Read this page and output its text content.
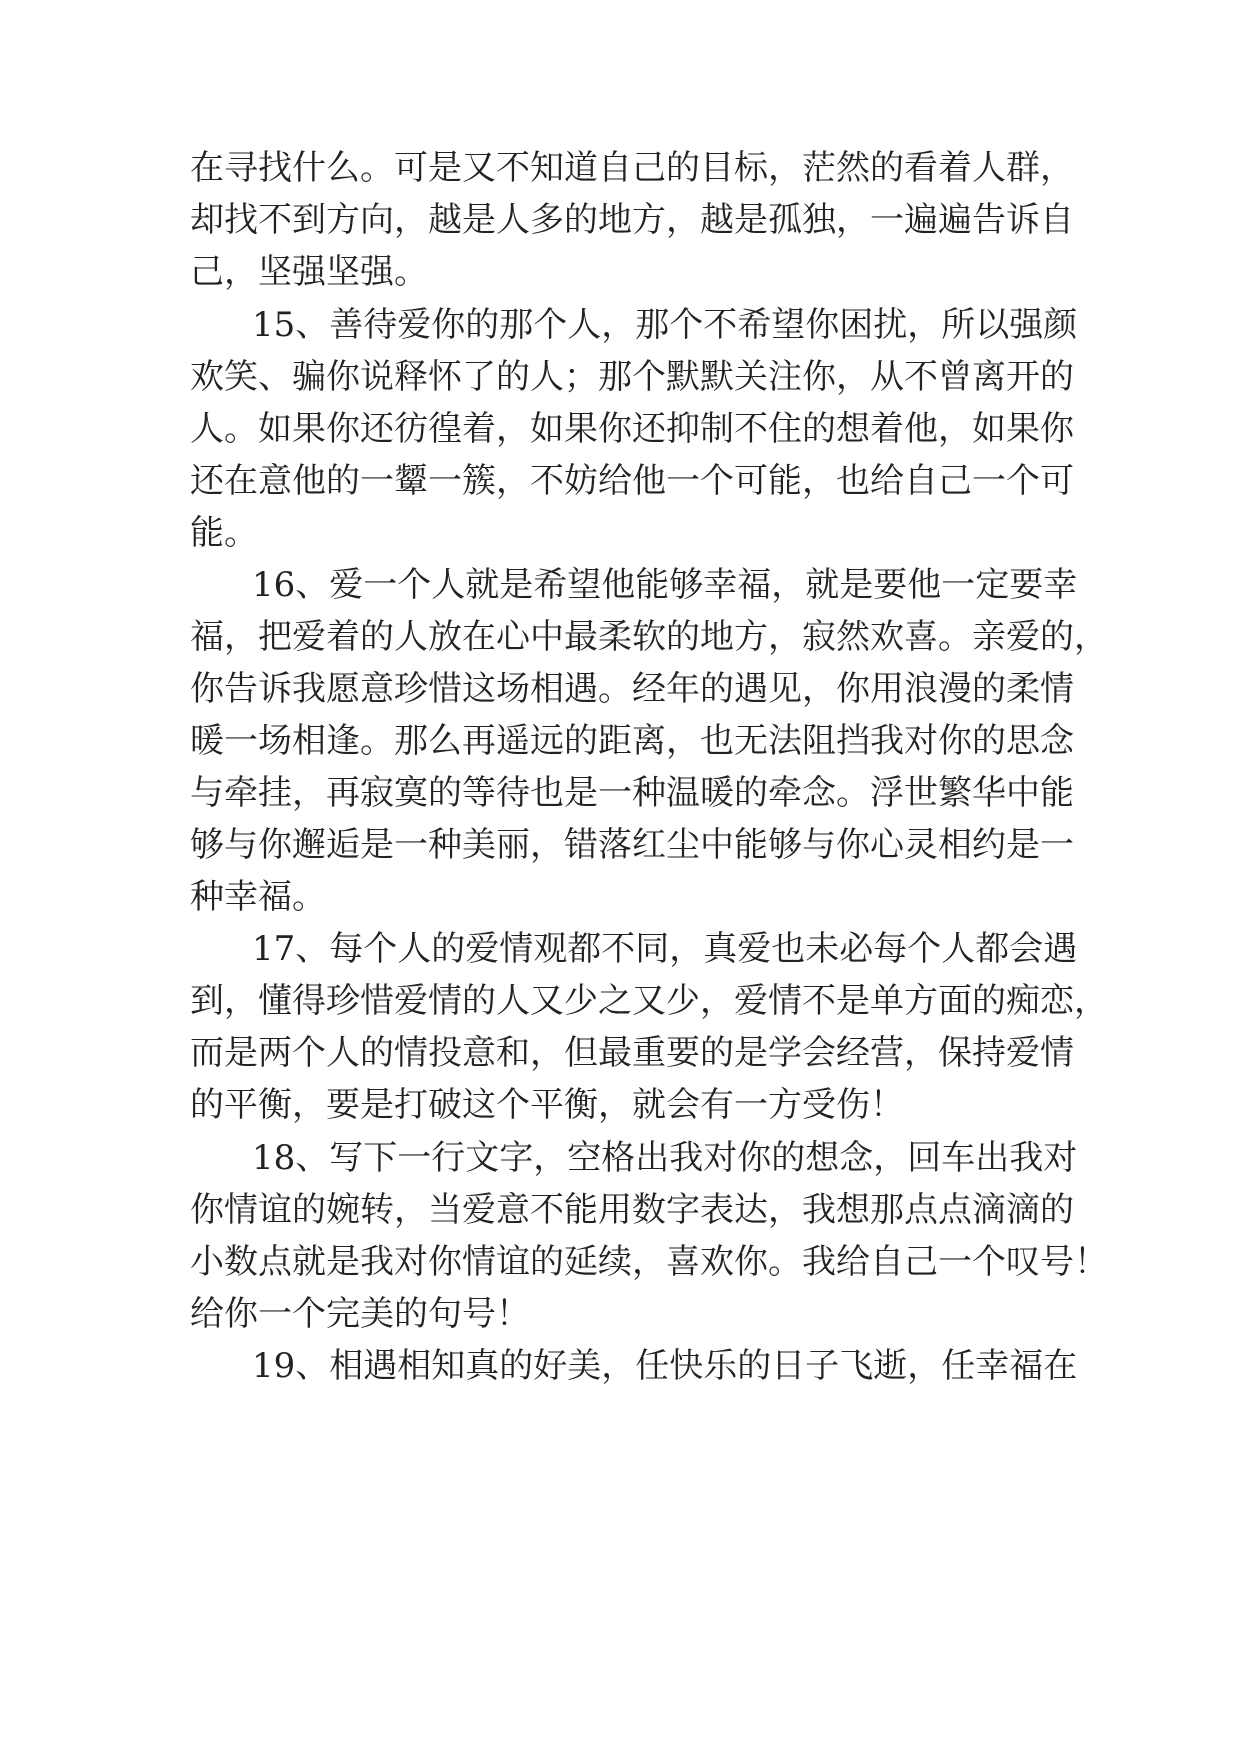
在寻找什么。可是又不知道自己的目标，茫然的看着人群，
却找不到方向，越是人多的地方，越是孤独，一遍遍告诉自
己，坚强坚强。
15、善待爱你的那个人，那个不希望你困扰，所以强颜
欢笑、骗你说释怀了的人；那个默默关注你，从不曾离开的
人。如果你还彷徨着，如果你还抑制不住的想着他，如果你
还在意他的一颦一簇，不妨给他一个可能，也给自己一个可
能。
16、爱一个人就是希望他能够幸福，就是要他一定要幸
福，把爱着的人放在心中最柔软的地方，寂然欢喜。亲爱的，
你告诉我愿意珍惜这场相遇。经年的遇见，你用浪漫的柔情
暖一场相逢。那么再遥远的距离，也无法阻挡我对你的思念
与牵挂，再寂寞的等待也是一种温暖的牵念。浮世繁华中能
够与你邂逅是一种美丽，错落红尘中能够与你心灵相约是一
种幸福。
17、每个人的爱情观都不同，真爱也未必每个人都会遇
到，懂得珍惜爱情的人又少之又少，爱情不是单方面的痴恋，
而是两个人的情投意和，但最重要的是学会经营，保持爱情
的平衡，要是打破这个平衡，就会有一方受伤！
18、写下一行文字，空格出我对你的想念，回车出我对
你情谊的婉转，当爱意不能用数字表达，我想那点点滴滴的
小数点就是我对你情谊的延续，喜欢你。我给自己一个叹号！
给你一个完美的句号！
19、相遇相知真的好美，任快乐的日子飞逝，任幸福在
